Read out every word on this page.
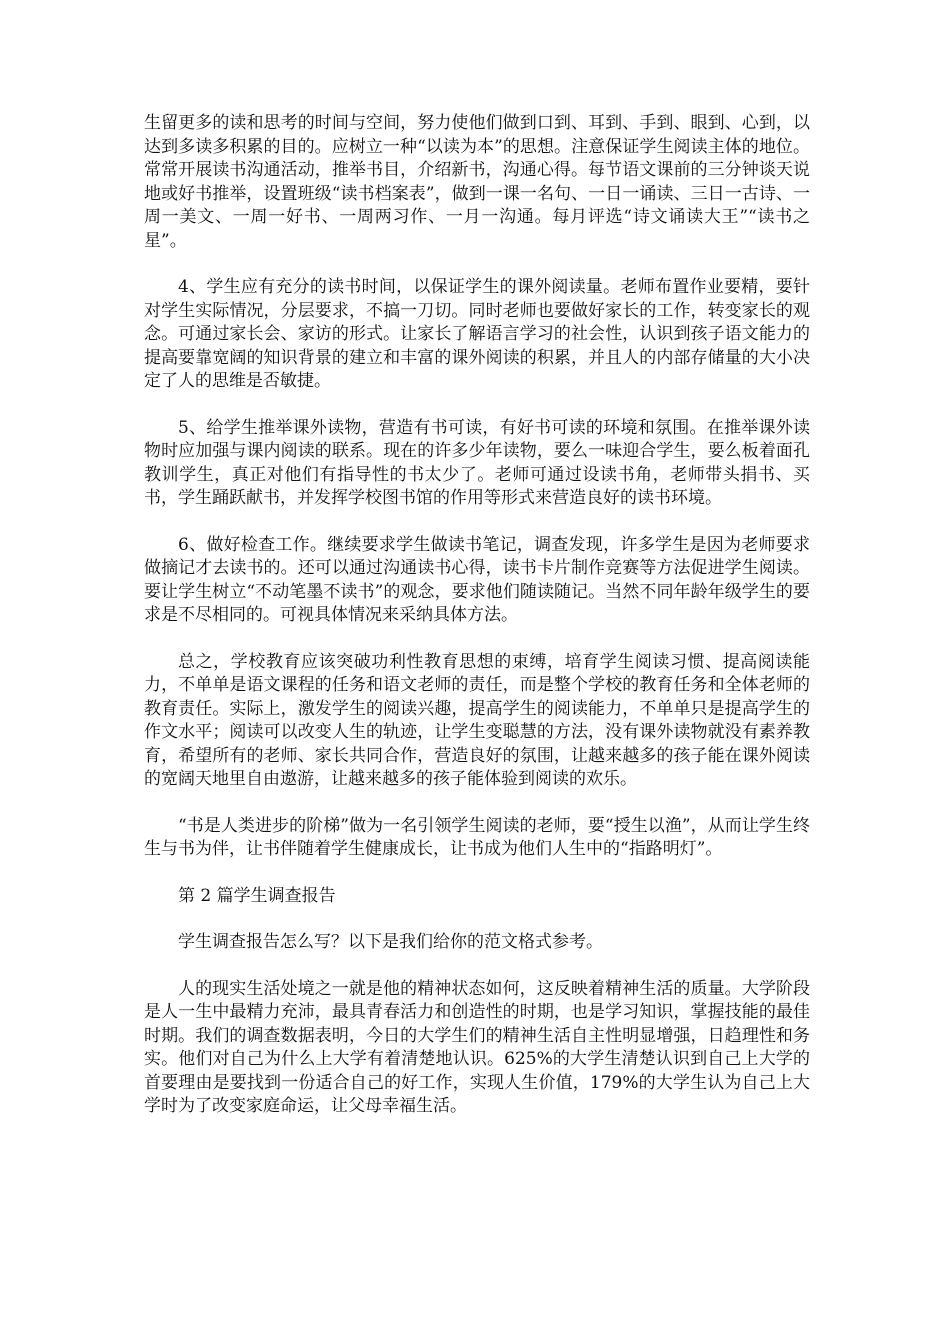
生留更多的读和思考的时间与空间，努力使他们做到口到、耳到、手到、眼到、心到，以达到多读多积累的目的。应树立一种“以读为本”的思想。注意保证学生阅读主体的地位。常常开展读书沟通活动，推举书目，介绍新书，沟通心得。每节语文课前的三分钟谈天说地或好书推举，设置班级“读书档案表”，做到一课一名句、一日一诵读、三日一古诗、一周一美文、一周一好书、一周两习作、一月一沟通。每月评选“诗文诵读大王”“读书之星”。

4、学生应有充分的读书时间，以保证学生的课外阅读量。老师布置作业要精，要针对学生实际情况，分层要求，不搞一刀切。同时老师也要做好家长的工作，转变家长的观念。可通过家长会、家访的形式。让家长了解语言学习的社会性，认识到孩子语文能力的提高要靠宽阔的知识背景的建立和丰富的课外阅读的积累，并且人的内部存储量的大小决定了人的思维是否敏捷。

5、给学生推举课外读物，营造有书可读，有好书可读的环境和氛围。在推举课外读物时应加强与课内阅读的联系。现在的许多少年读物，要么一味迎合学生，要么板着面孔教训学生，真正对他们有指导性的书太少了。老师可通过设读书角，老师带头捐书、买书，学生踊跃献书，并发挥学校图书馆的作用等形式来营造良好的读书环境。

6、做好检查工作。继续要求学生做读书笔记，调查发现，许多学生是因为老师要求做摘记才去读书的。还可以通过沟通读书心得，读书卡片制作竞赛等方法促进学生阅读。要让学生树立“不动笔墨不读书”的观念，要求他们随读随记。当然不同年龄年级学生的要求是不尽相同的。可视具体情况来采纳具体方法。

总之，学校教育应该突破功利性教育思想的束缚，培育学生阅读习惯、提高阅读能力，不单单是语文课程的任务和语文老师的责任，而是整个学校的教育任务和全体老师的教育责任。实际上，激发学生的阅读兴趣，提高学生的阅读能力，不单单只是提高学生的作文水平；阅读可以改变人生的轨迹，让学生变聪慧的方法，没有课外读物就没有素养教育，希望所有的老师、家长共同合作，营造良好的氛围，让越来越多的孩子能在课外阅读的宽阔天地里自由遨游，让越来越多的孩子能体验到阅读的欢乐。

“书是人类进步的阶梯”做为一名引领学生阅读的老师，要“授生以渔”，从而让学生终生与书为伴，让书伴随着学生健康成长，让书成为他们人生中的“指路明灯”。

第 2 篇学生调查报告

学生调查报告怎么写？以下是我们给你的范文格式参考。

人的现实生活处境之一就是他的精神状态如何，这反映着精神生活的质量。大学阶段是人一生中最精力充沛，最具青春活力和创造性的时期，也是学习知识，掌握技能的最佳时期。我们的调查数据表明，今日的大学生们的精神生活自主性明显增强，日趋理性和务实。他们对自己为什么上大学有着清楚地认识。625%的大学生清楚认识到自己上大学的首要理由是要找到一份适合自己的好工作，实现人生价值，179%的大学生认为自己上大学时为了改变家庭命运，让父母幸福生活。
